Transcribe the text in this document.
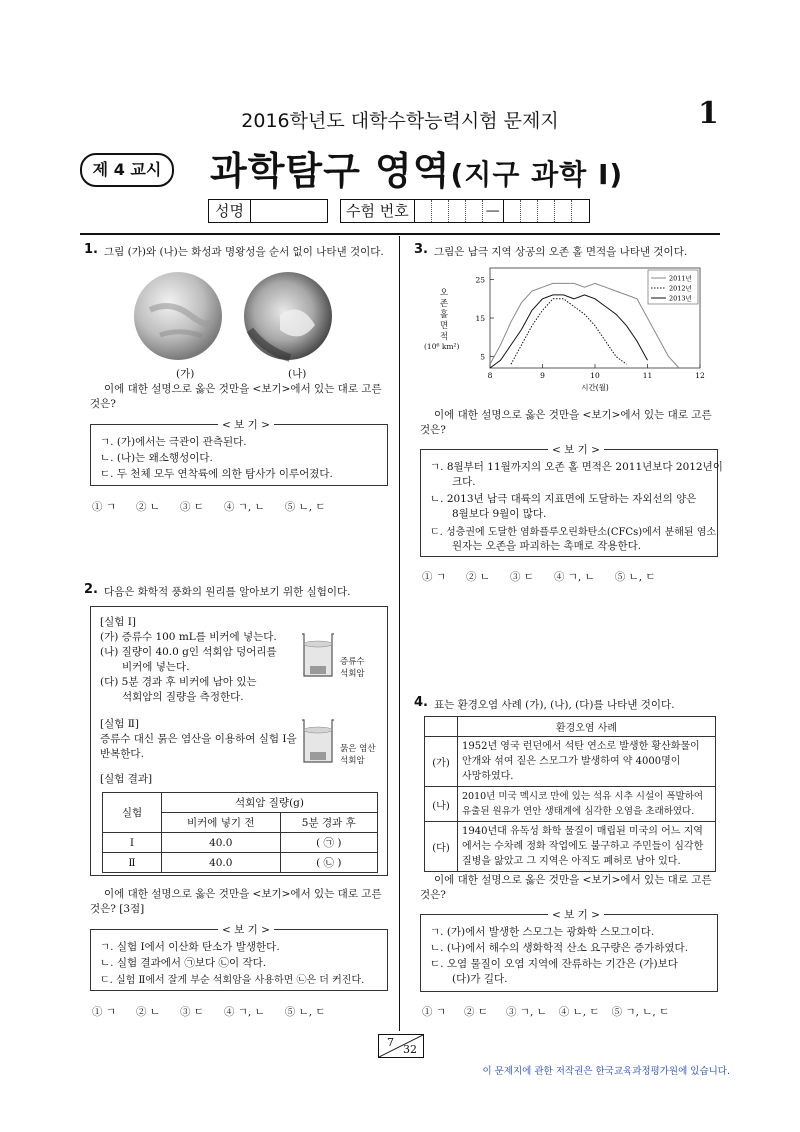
2016학년도 대학수학능력시험 문제지	1
제 4 교시	과학탐구 영역(지구 과학 I)
성명	수험 번호	—
1. 그림 (가)와 (나)는 화성과 명왕성을 순서 없이 나타낸 것이다.
(가)	(나)
이에 대한 설명으로 옳은 것만을 <보기>에서 있는 대로 고른
것은?
< 보 기 >
ㄱ. (가)에서는 극관이 관측된다.
ㄴ. (나)는 왜소행성이다.
ㄷ. 두 천체 모두 연착륙에 의한 탐사가 이루어졌다.
① ㄱ ② ㄴ ③ ㄷ ④ ㄱ, ㄴ ⑤ ㄴ, ㄷ
2. 다음은 화학적 풍화의 원리를 알아보기 위한 실험이다.
[실험 Ⅰ]
(가) 증류수 100 mL를 비커에 넣는다.
(나) 질량이 40.0 g인 석회암 덩어리를
비커에 넣는다.
(다) 5분 경과 후 비커에 남아 있는
석회암의 질량을 측정한다.
증류수
석회암
[실험 Ⅱ]
증류수 대신 묽은 염산을 이용하여 실험 Ⅰ을
반복한다.	묽은 염산
석회암
[실험 결과]
실험	석회암 질량(g)	
	비커에 넣기 전	5분 경과 후
Ⅰ	40.0	( ㉠ )
Ⅱ	40.0	( ㉡ )
이에 대한 설명으로 옳은 것만을 <보기>에서 있는 대로 고른
것은? [3점]
< 보 기 >
ㄱ. 실험 Ⅰ에서 이산화 탄소가 발생한다.
ㄴ. 실험 결과에서 ㉠보다 ㉡이 작다.
ㄷ. 실험 Ⅱ에서 잘게 부순 석회암을 사용하면 ㉡은 더 커진다.
① ㄱ ② ㄴ ③ ㄷ ④ ㄱ, ㄴ ⑤ ㄴ, ㄷ
3. 그림은 남극 지역 상공의 오존 홀 면적을 나타낸 것이다.
오
존
홀
면
적
(10⁶ km²)
5
15
25
8	9	10	11	12
시간(월)
2011년
2012년
2013년
이에 대한 설명으로 옳은 것만을 <보기>에서 있는 대로 고른
것은?
< 보 기 >
ㄱ. 8월부터 11월까지의 오존 홀 면적은 2011년보다 2012년이
크다.
ㄴ. 2013년 남극 대륙의 지표면에 도달하는 자외선의 양은
8월보다 9월이 많다.
ㄷ. 성층권에 도달한 염화플루오린화탄소(CFCs)에서 분해된 염소
원자는 오존을 파괴하는 촉매로 작용한다.
① ㄱ ② ㄴ ③ ㄷ ④ ㄱ, ㄴ ⑤ ㄴ, ㄷ
4. 표는 환경오염 사례 (가), (나), (다)를 나타낸 것이다.
	환경오염 사례
(가)	1952년 영국 런던에서 석탄 연소로 발생한 황산화물이
안개와 섞여 짙은 스모그가 발생하여 약 4000명이
사망하였다.

(나)	2010년 미국 멕시코 만에 있는 석유 시추 시설이 폭발하여
유출된 원유가 연안 생태계에 심각한 오염을 초래하였다.

(다)	1940년대 유독성 화학 물질이 매립된 미국의 어느 지역
에서는 수차례 정화 작업에도 불구하고 주민들이 심각한
질병을 앓았고 그 지역은 아직도 폐허로 남아 있다.
이에 대한 설명으로 옳은 것만을 <보기>에서 있는 대로 고른
것은?
< 보 기 >
ㄱ. (가)에서 발생한 스모그는 광화학 스모그이다.
ㄴ. (나)에서 해수의 생화학적 산소 요구량은 증가하였다.
ㄷ. 오염 물질이 오염 지역에 잔류하는 기간은 (가)보다
(다)가 길다.
① ㄱ ② ㄷ ③ ㄱ, ㄴ ④ ㄴ, ㄷ ⑤ ㄱ, ㄴ, ㄷ
7
32
이 문제지에 관한 저작권은 한국교육과정평가원에 있습니다.
